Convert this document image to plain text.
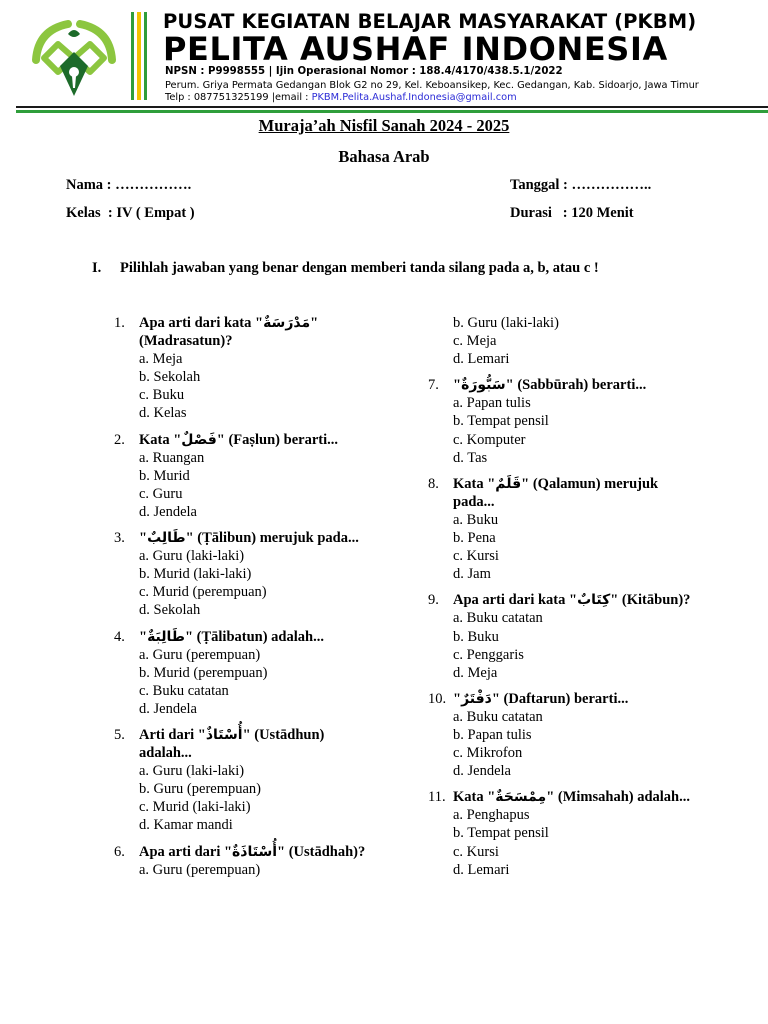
PUSAT KEGIATAN BELAJAR MASYARAKAT (PKBM)
PELITA AUSHAF INDONESIA
NPSN : P9998555 | Ijin Operasional Nomor : 188.4/4170/438.5.1/2022
Perum. Griya Permata Gedangan Blok G2 no 29, Kel. Keboansikep, Kec. Gedangan, Kab. Sidoarjo, Jawa Timur
Telp : 087751325199 |email : PKBM.Pelita.Aushaf.Indonesia@gmail.com
Muraja’ah Nisfil Sanah 2024 - 2025
Bahasa Arab
Nama : …………….	Tanggal : ……………..
Kelas  : IV ( Empat )	Durasi   : 120 Menit
I. Pilihlah jawaban yang benar dengan memberi tanda silang pada a, b, atau c !
1. Apa arti dari kata "مَدْرَسَةٌ" (Madrasatun)?
a. Meja
b. Sekolah
c. Buku
d. Kelas
2. Kata "فَصْلٌ" (Faṣlun) berarti...
a. Ruangan
b. Murid
c. Guru
d. Jendela
3. "طَالِبٌ" (Ṭālibun) merujuk pada...
a. Guru (laki-laki)
b. Murid (laki-laki)
c. Murid (perempuan)
d. Sekolah
4. "طَالِبَةٌ" (Ṭālibatun) adalah...
a. Guru (perempuan)
b. Murid (perempuan)
c. Buku catatan
d. Jendela
5. Arti dari "أُسْتَاذٌ" (Ustādhun) adalah...
a. Guru (laki-laki)
b. Guru (perempuan)
c. Murid (laki-laki)
d. Kamar mandi
6. Apa arti dari "أُسْتَاذَةٌ" (Ustādhah)?
a. Guru (perempuan)
b. Guru (laki-laki)
c. Meja
d. Lemari
7. "سَبُّورَةٌ" (Sabbūrah) berarti...
a. Papan tulis
b. Tempat pensil
c. Komputer
d. Tas
8. Kata "قَلَمٌ" (Qalamun) merujuk pada...
a. Buku
b. Pena
c. Kursi
d. Jam
9. Apa arti dari kata "كِتَابٌ" (Kitābun)?
a. Buku catatan
b. Buku
c. Penggaris
d. Meja
10. "دَفْتَرٌ" (Daftarun) berarti...
a. Buku catatan
b. Papan tulis
c. Mikrofon
d. Jendela
11. Kata "مِمْسَحَةٌ" (Mimsahah) adalah...
a. Penghapus
b. Tempat pensil
c. Kursi
d. Lemari
